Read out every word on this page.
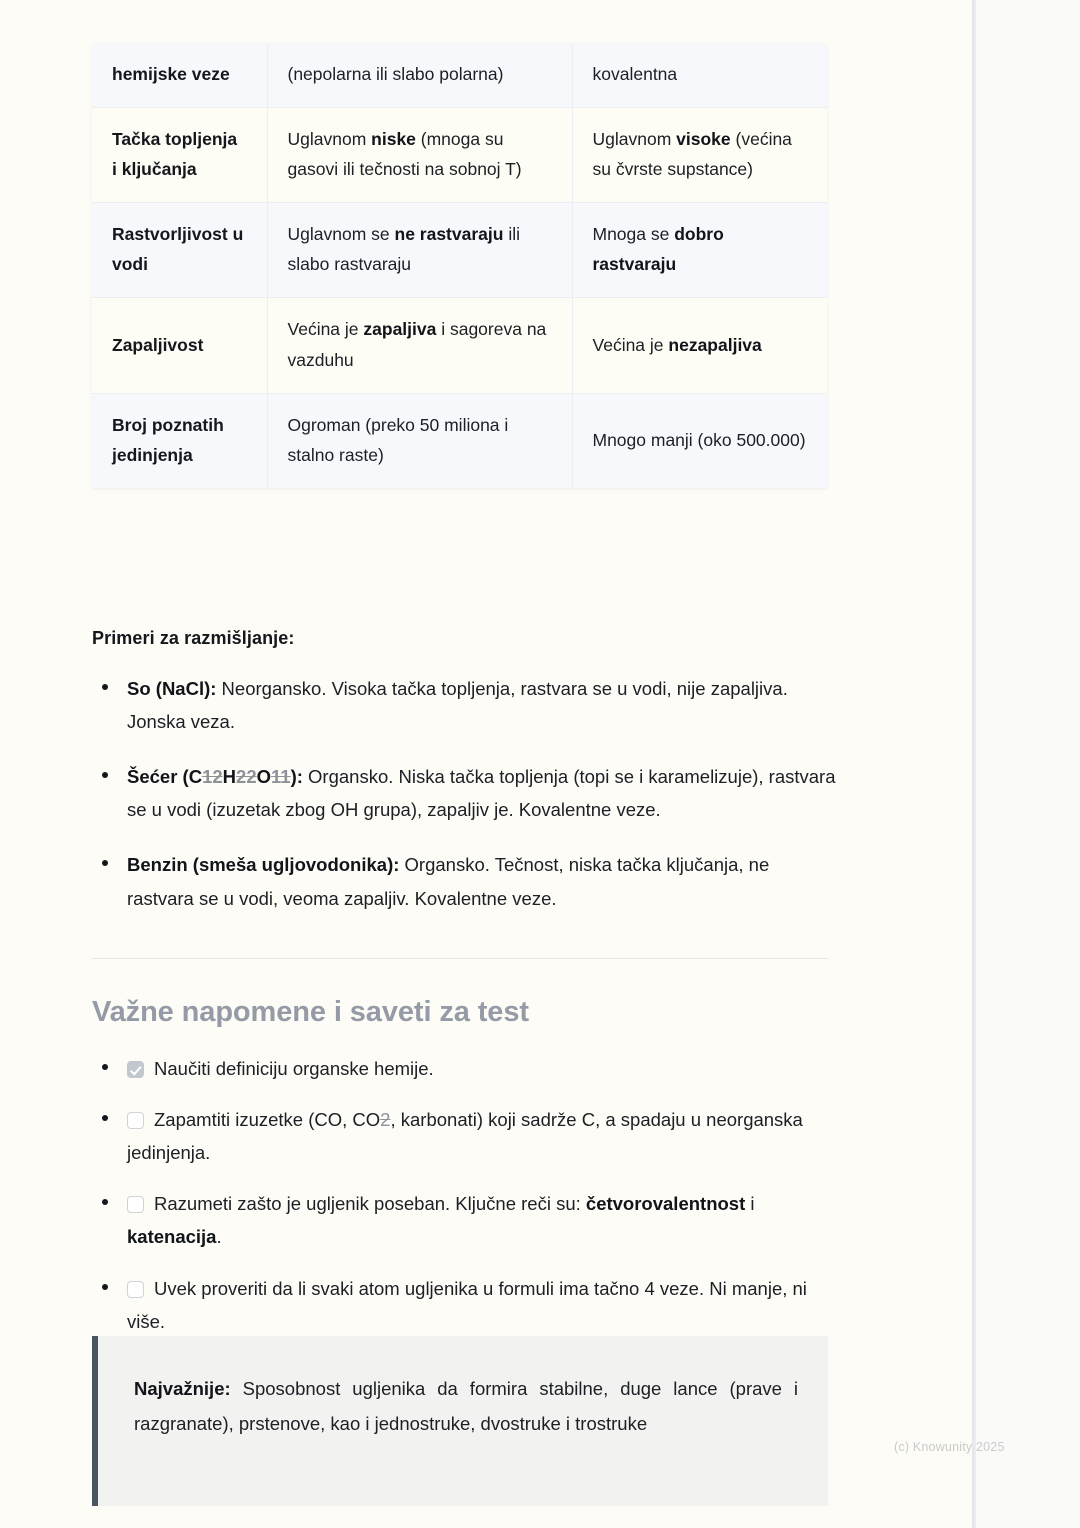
hemijske veze	(nepolarna ili slabo polarna)	kovalentna
Tačka topljenja i ključanja	Uglavnom niske (mnoga su gasovi ili tečnosti na sobnoj T)	Uglavnom visoke (većina su čvrste supstance)
Rastvorljivost u vodi	Uglavnom se ne rastvaraju ili slabo rastvaraju	Mnoga se dobro rastvaraju
Zapaljivost	Većina je zapaljiva i sagoreva na vazduhu	Većina je nezapaljiva
Broj poznatih jedinjenja	Ogroman (preko 50 miliona i stalno raste)	Mnogo manji (oko 500.000)
Primeri za razmišljanje:
So (NaCl): Neorgansko. Visoka tačka topljenja, rastvara se u vodi, nije zapaljiva. Jonska veza.
Šećer (C12H22O11): Organsko. Niska tačka topljenja (topi se i karamelizuje), rastvara se u vodi (izuzetak zbog OH grupa), zapaljiv je. Kovalentne veze.
Benzin (smeša ugljovodonika): Organsko. Tečnost, niska tačka ključanja, ne rastvara se u vodi, veoma zapaljiv. Kovalentne veze.
Važne napomene i saveti za test
Naučiti definiciju organske hemije.
Zapamtiti izuzetke (CO, CO2, karbonati) koji sadrže C, a spadaju u neorganska jedinjenja.
Razumeti zašto je ugljenik poseban. Ključne reči su: četvorovalentnost i katenacija.
Uvek proveriti da li svaki atom ugljenika u formuli ima tačno 4 veze. Ni manje, ni više.
Najvažnije: Sposobnost ugljenika da formira stabilne, duge lance (prave i razgranate), prstenove, kao i jednostruke, dvostruke i trostruke
(c) Knowunity 2025
